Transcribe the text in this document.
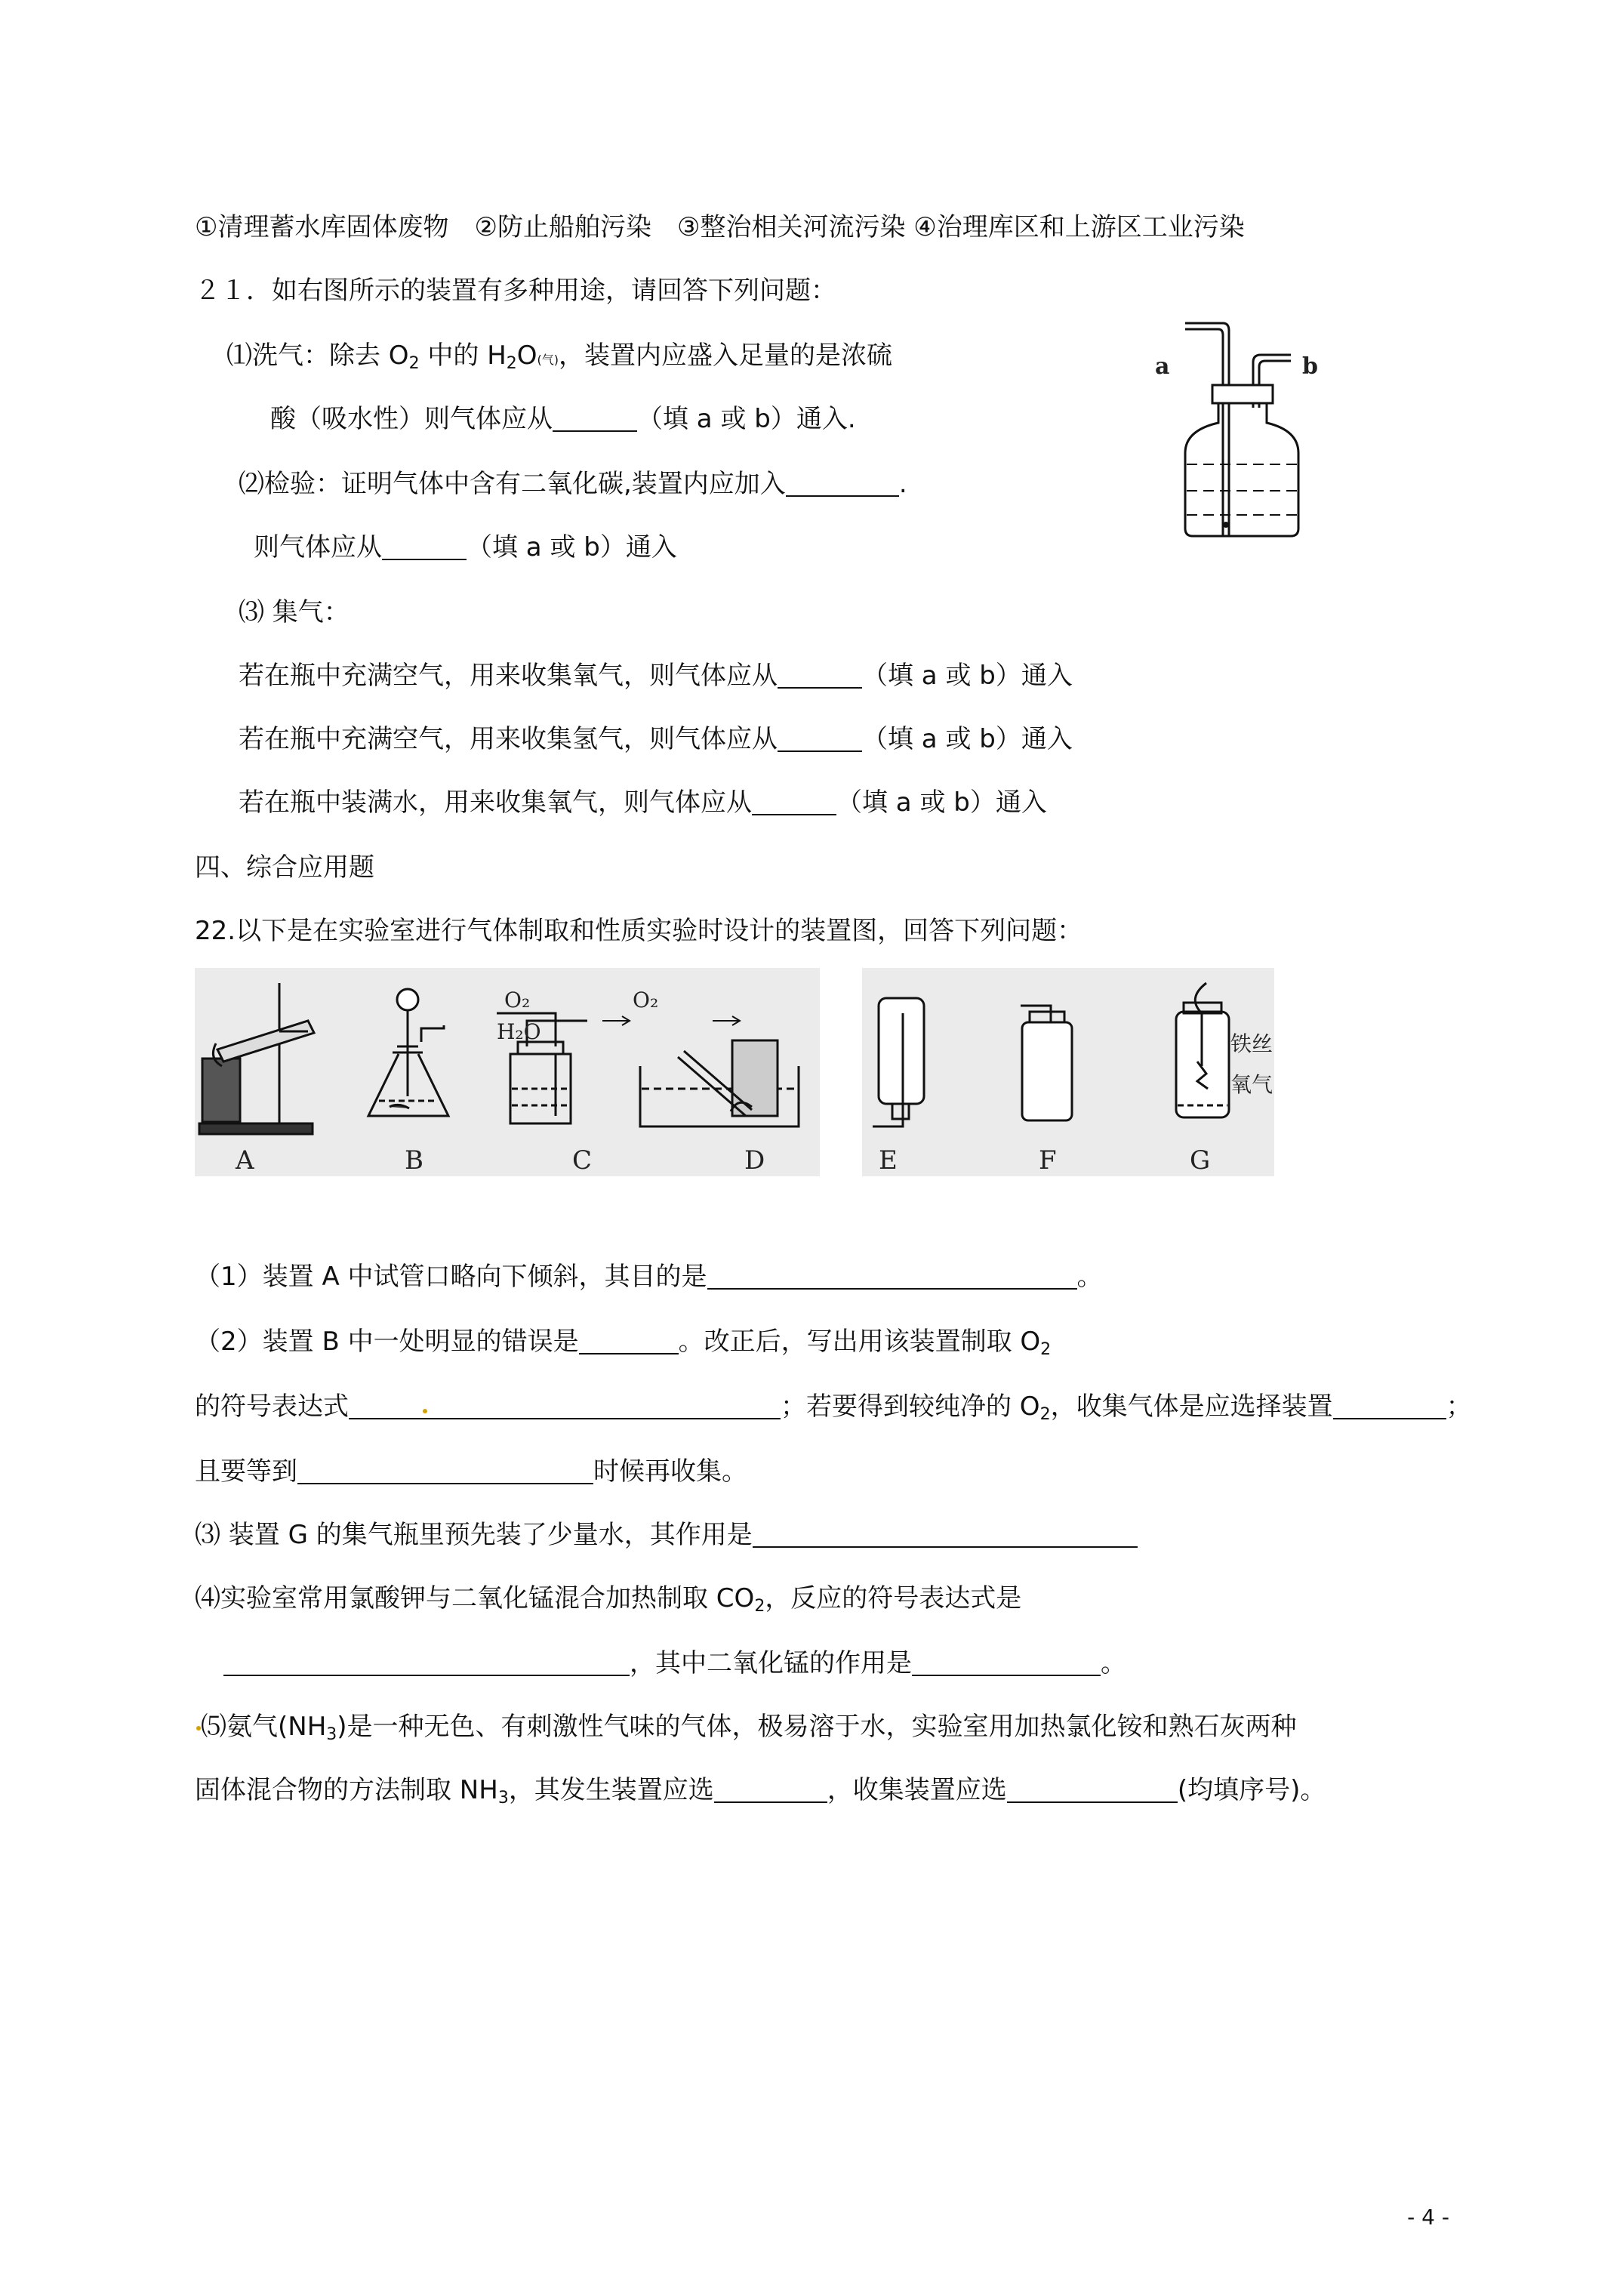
①清理蓄水库固体废物　②防止船舶污染　③整治相关河流污染 ④治理库区和上游区工业污染
２１．如右图所示的装置有多种用途，请回答下列问题：
⑴洗气：除去 $O_2$ 中的 $H_2O$(气)，装置内应盛入足量的是浓硫
酸（吸水性）则气体应从	（填 a 或 b）通入.
⑵检验：证明气体中含有二氧化碳,装置内应加入	.
则气体应从	（填 a 或 b）通入
⑶ 集气：
若在瓶中充满空气，用来收集氧气，则气体应从	（填 a 或 b）通入
若在瓶中充满空气，用来收集氢气，则气体应从	（填 a 或 b）通入
若在瓶中装满水，用来收集氧气，则气体应从	（填 a 或 b）通入
a	b
四、综合应用题
22.以下是在实验室进行气体制取和性质实验时设计的装置图，回答下列问题：
O₂
H₂O
O₂
A	B	C	D
铁丝
氧气
E	F	G
（1）装置 A 中试管口略向下倾斜，其目的是	。
（2）装置 B 中一处明显的错误是	。改正后，写出用该装置制取 $O_2$
的符号表达式	；若要得到较纯净的 $O_2$，收集气体是应选择装置	；
且要等到	时候再收集。
⑶ 装置 G 的集气瓶里预先装了少量水，其作用是
⑷实验室常用氯酸钾与二氧化锰混合加热制取 $CO_2$，反应的符号表达式是
，其中二氧化锰的作用是	。
⑸氨气$(NH_3)$是一种无色、有刺激性气味的气体，极易溶于水，实验室用加热氯化铵和熟石灰两种
固体混合物的方法制取 $NH_3$，其发生装置应选	，收集装置应选	(均填序号)。
- 4 -
